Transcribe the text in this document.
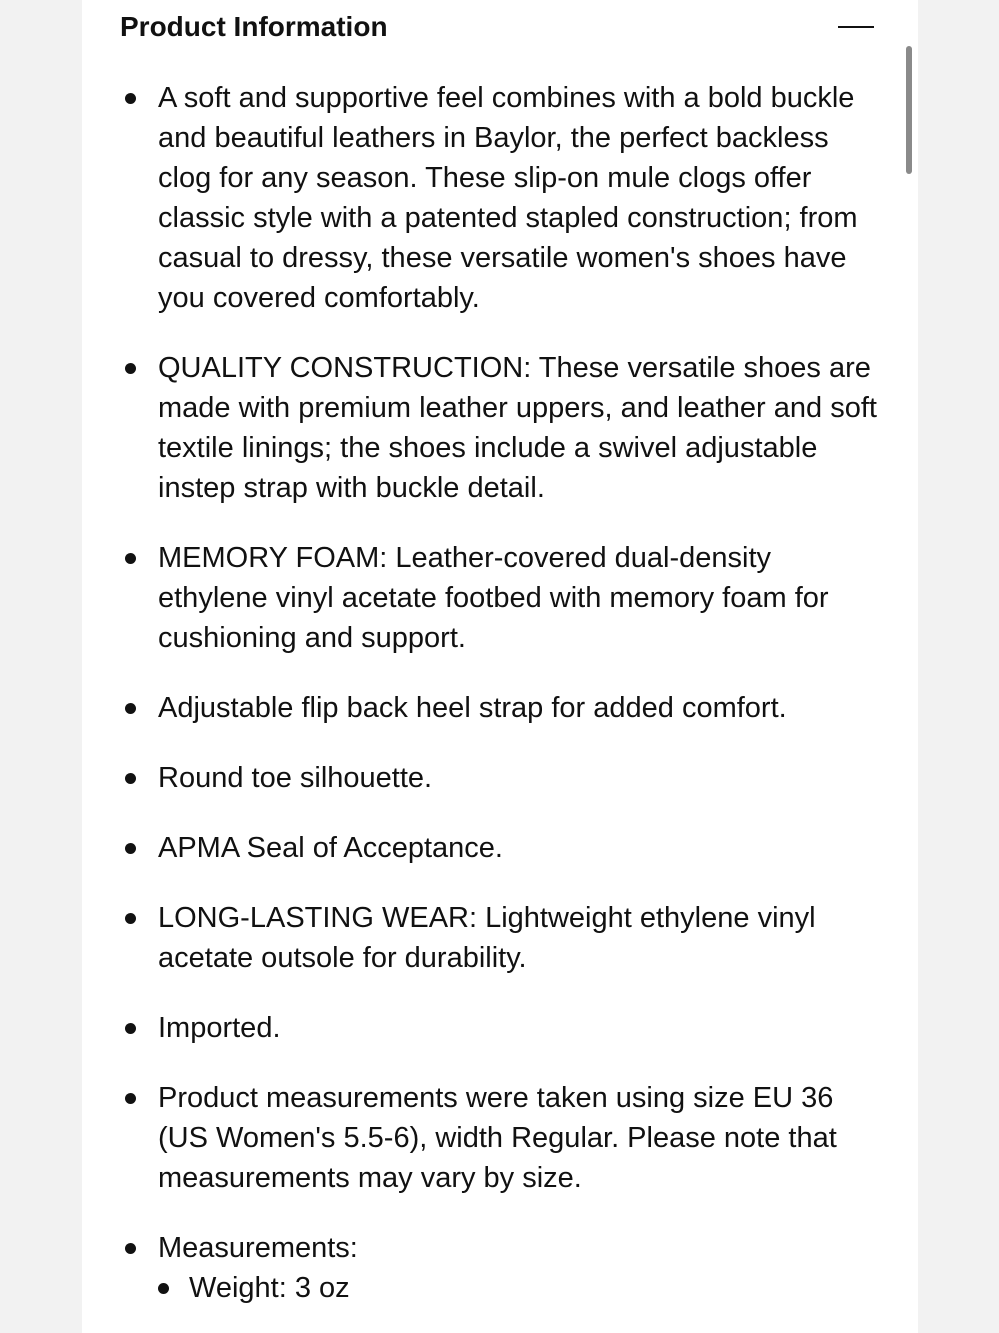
Product Information
A soft and supportive feel combines with a bold buckle and beautiful leathers in Baylor, the perfect backless clog for any season. These slip-on mule clogs offer classic style with a patented stapled construction; from casual to dressy, these versatile women's shoes have you covered comfortably.
QUALITY CONSTRUCTION: These versatile shoes are made with premium leather uppers, and leather and soft textile linings; the shoes include a swivel adjustable instep strap with buckle detail.
MEMORY FOAM: Leather-covered dual-density ethylene vinyl acetate footbed with memory foam for cushioning and support.
Adjustable flip back heel strap for added comfort.
Round toe silhouette.
APMA Seal of Acceptance.
LONG-LASTING WEAR: Lightweight ethylene vinyl acetate outsole for durability.
Imported.
Product measurements were taken using size EU 36 (US Women's 5.5-6), width Regular. Please note that measurements may vary by size.
Measurements:
Weight: 3 oz
